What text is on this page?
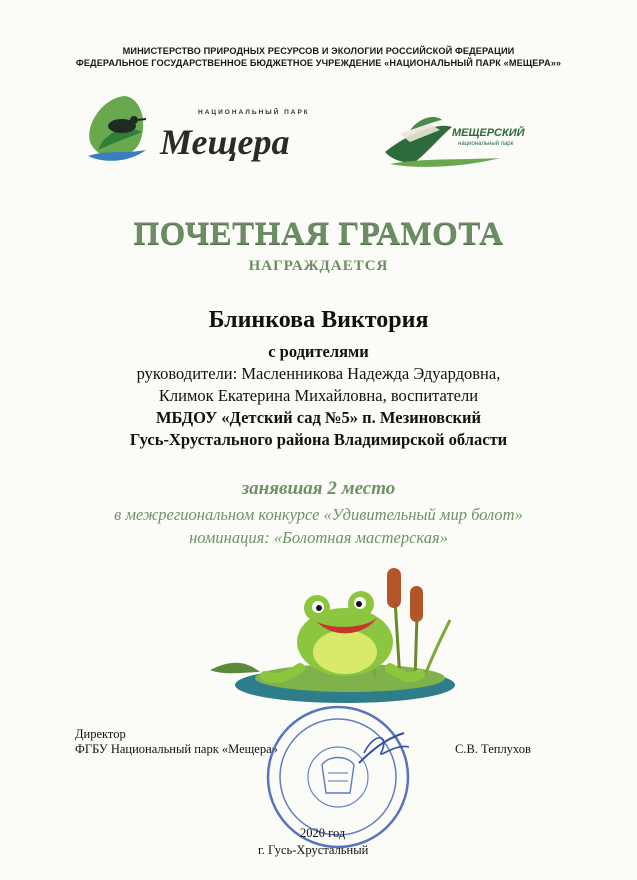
МИНИСТЕРСТВО ПРИРОДНЫХ РЕСУРСОВ И ЭКОЛОГИИ РОССИЙСКОЙ ФЕДЕРАЦИИ
ФЕДЕРАЛЬНОЕ ГОСУДАРСТВЕННОЕ БЮДЖЕТНОЕ УЧРЕЖДЕНИЕ «НАЦИОНАЛЬНЫЙ ПАРК «МЕЩЕРА»»
НАЦИОНАЛЬНЫЙ ПАРК
Мещера	МЕЩЕРСКИЙ
национальный парк
ПОЧЕТНАЯ ГРАМОТА
НАГРАЖДАЕТСЯ
Блинкова Виктория
с родителями
руководители: Масленникова Надежда Эдуардовна,
Климок Екатерина Михайловна, воспитатели
МБДОУ «Детский сад №5» п. Мезиновский
Гусь-Хрустального района Владимирской области
занявшая 2 место
в межрегиональном конкурсе «Удивительный мир болот»
номинация: «Болотная мастерская»
Директор
ФГБУ Национальный парк «Мещера»	С.В. Теплухов
2020 год
г. Гусь-Хрустальный
